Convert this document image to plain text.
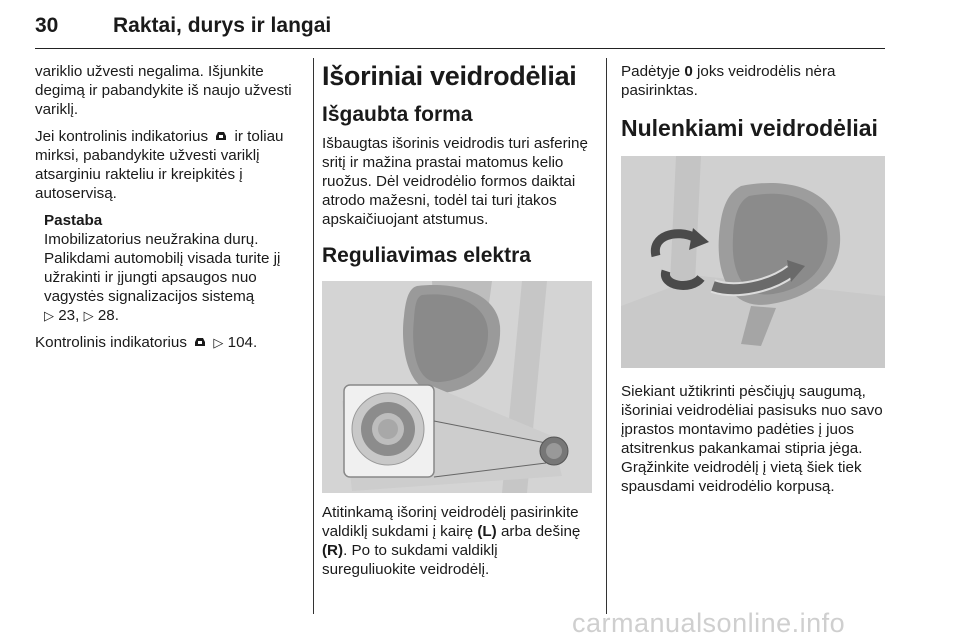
30	Raktai, durys ir langai

variklio užvesti negalima. Išjunkite degimą ir pabandykite iš naujo užvesti variklį.

Jei kontrolinis indikatorius ir toliau mirksi, pabandykite užvesti variklį atsarginiu rakteliu ir kreipkitės į autoservisą.

Pastaba
Imobilizatorius neužrakina durų.
Palikdami automobilį visada turite jį užrakinti ir įjungti apsaugos nuo vagystės signalizacijos sistemą
▷ 23, ▷ 28.

Kontrolinis indikatorius ▷ 104.

Išoriniai veidrodėliai
Išgaubta forma

Išbaugtas išorinis veidrodis turi asferinę sritį ir mažina prastai matomus kelio ruožus. Dėl veidrodėlio formos daiktai atrodo mažesni, todėl tai turi įtakos apskaičiuojant atstumus.

Reguliavimas elektra

Atitinkamą išorinį veidrodėlį pasirinkite valdiklį sukdami į kairę (L) arba dešinę (R). Po to sukdami valdiklį sureguliuokite veidrodėlį.

Padėtyje 0 joks veidrodėlis nėra pasirinktas.

Nulenkiami veidrodėliai

Siekiant užtikrinti pėsčiųjų saugumą, išoriniai veidrodėliai pasisuks nuo savo įprastos montavimo padėties į juos atsitrenkus pakankamai stipria jėga. Grąžinkite veidrodėlį į vietą šiek tiek spausdami veidrodėlio korpusą.

carmanualsonline.info
